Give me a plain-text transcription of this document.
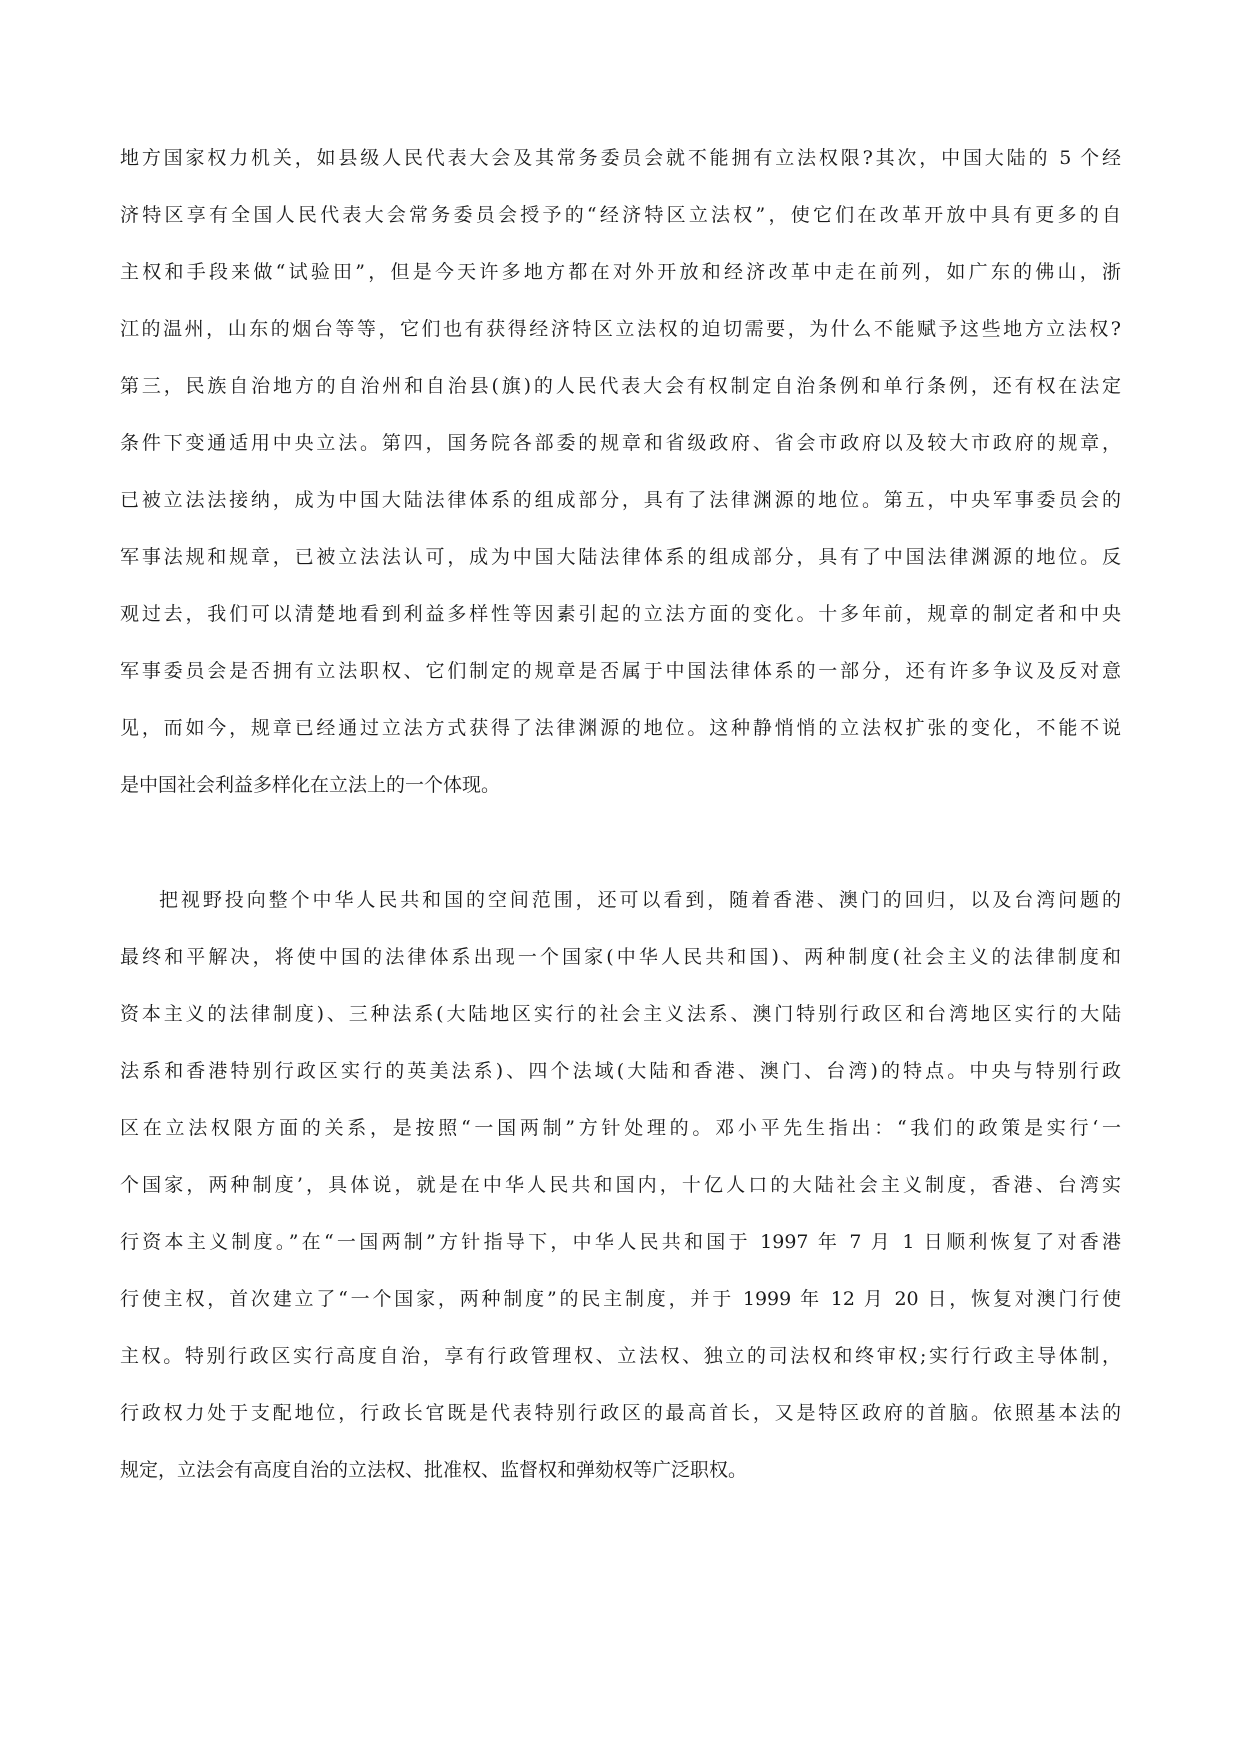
地方国家权力机关，如县级人民代表大会及其常务委员会就不能拥有立法权限?其次，中国大陆的 5 个经
济特区享有全国人民代表大会常务委员会授予的“经济特区立法权”，使它们在改革开放中具有更多的自
主权和手段来做“试验田”，但是今天许多地方都在对外开放和经济改革中走在前列，如广东的佛山，浙
江的温州，山东的烟台等等，它们也有获得经济特区立法权的迫切需要，为什么不能赋予这些地方立法权?
第三，民族自治地方的自治州和自治县(旗)的人民代表大会有权制定自治条例和单行条例，还有权在法定
条件下变通适用中央立法。第四，国务院各部委的规章和省级政府、省会市政府以及较大市政府的规章，
已被立法法接纳，成为中国大陆法律体系的组成部分，具有了法律渊源的地位。第五，中央军事委员会的
军事法规和规章，已被立法法认可，成为中国大陆法律体系的组成部分，具有了中国法律渊源的地位。反
观过去，我们可以清楚地看到利益多样性等因素引起的立法方面的变化。十多年前，规章的制定者和中央
军事委员会是否拥有立法职权、它们制定的规章是否属于中国法律体系的一部分，还有许多争议及反对意
见，而如今，规章已经通过立法方式获得了法律渊源的地位。这种静悄悄的立法权扩张的变化，不能不说
是中国社会利益多样化在立法上的一个体现。
把视野投向整个中华人民共和国的空间范围，还可以看到，随着香港、澳门的回归，以及台湾问题的
最终和平解决，将使中国的法律体系出现一个国家(中华人民共和国)、两种制度(社会主义的法律制度和
资本主义的法律制度)、三种法系(大陆地区实行的社会主义法系、澳门特别行政区和台湾地区实行的大陆
法系和香港特别行政区实行的英美法系)、四个法域(大陆和香港、澳门、台湾)的特点。中央与特别行政
区在立法权限方面的关系，是按照“一国两制”方针处理的。邓小平先生指出：“我们的政策是实行‘一
个国家，两种制度’，具体说，就是在中华人民共和国内，十亿人口的大陆社会主义制度，香港、台湾实
行资本主义制度。”在“一国两制”方针指导下，中华人民共和国于 1997 年 7 月 1 日顺利恢复了对香港
行使主权，首次建立了“一个国家，两种制度”的民主制度，并于 1999 年 12 月 20 日，恢复对澳门行使
主权。特别行政区实行高度自治，享有行政管理权、立法权、独立的司法权和终审权;实行行政主导体制，
行政权力处于支配地位，行政长官既是代表特别行政区的最高首长，又是特区政府的首脑。依照基本法的
规定，立法会有高度自治的立法权、批准权、监督权和弹劾权等广泛职权。
